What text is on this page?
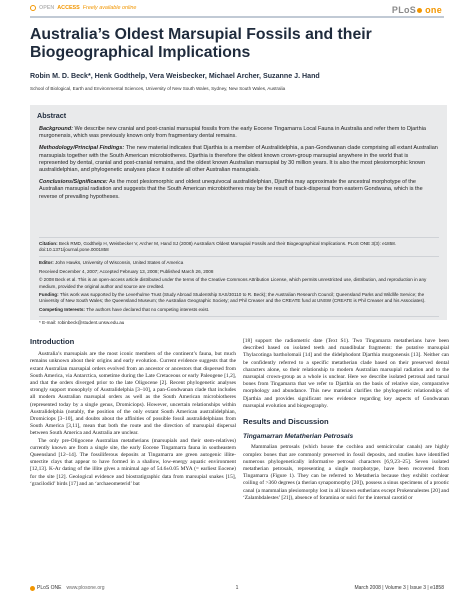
OPEN ACCESS Freely available online	PLoS one
Australia’s Oldest Marsupial Fossils and their Biogeographical Implications
Robin M. D. Beck*, Henk Godthelp, Vera Weisbecker, Michael Archer, Suzanne J. Hand
School of Biological, Earth and Environmental Sciences, University of New South Wales, Sydney, New South Wales, Australia
Abstract

Background: We describe new cranial and post-cranial marsupial fossils from the early Eocene Tingamarra Local Fauna in Australia and refer them to Djarthia murgonensis, which was previously known only from fragmentary dental remains.

Methodology/Principal Findings: The new material indicates that Djarthia is a member of Australidelphia, a pan-Gondwanan clade comprising all extant Australian marsupials together with the South American microbiotheres. Djarthia is therefore the oldest known crown-group marsupial anywhere in the world that is represented by dental, cranial and post-cranial remains, and the oldest known Australian marsupial by 30 million years. It is also the most plesiomorphic known australidelphian, and phylogenetic analyses place it outside all other Australian marsupials.

Conclusions/Significance: As the most plesiomorphic and oldest unequivocal australidelphian, Djarthia may approximate the ancestral morphotype of the Australian marsupial radiation and suggests that the South American microbiotheres may be the result of back-dispersal from eastern Gondwana, which is the reverse of prevailing hypotheses.

Citation: Beck RMD, Godthelp H, Weisbecker V, Archer M, Hand SJ (2008) Australia’s Oldest Marsupial Fossils and their Biogeographical Implications. PLoS ONE 3(3): e1858. doi:10.1371/journal.pone.0001858

Editor: John Hawks, University of Wisconsin, United States of America

Received December 4, 2007; Accepted February 13, 2008; Published March 26, 2008

© 2008 Beck et al. This is an open-access article distributed under the terms of the Creative Commons Attribution License, which permits unrestricted use, distribution, and reproduction in any medium, provided the original author and source are credited.

Funding: This work was supported by the Leverhulme Trust (Study Abroad Studentship SAS/30110 to R. Beck); the Australian Research Council; Queensland Parks and Wildlife Service; the University of New South Wales; the Queensland Museum; the Australian Geographic Society; and Phil Creaser and the CREATE fund at UNSW (CREATE is Phil Creaser and his Associates).

Competing Interests: The authors have declared that no competing interests exist.

* E-mail: robinbeck@student.unsw.edu.au

Introduction

Australia’s marsupials are the most iconic members of the continent’s fauna, but much remains unknown about their origins and early evolution. Current evidence suggests that the extant Australian marsupial orders evolved from an ancestor or ancestors that dispersed from South America, via Antarctica, sometime during the Late Cretaceous or early Paleogene [1,2], and that the orders diverged prior to the late Oligocene [2]. Recent phylogenetic analyses strongly support monophyly of Australidelphia [3–10], a pan-Gondwanan clade that includes all modern Australian marsupial orders as well as the South American microbiotheres (represented today by a single genus, Dromiciops). However, uncertain relationships within Australidelphia (notably, the position of the only extant South American australidelphian, Dromiciops [3–10], and doubts about the affinities of possible fossil australidelphians from South America [3,11], mean that both the route and the direction of marsupial dispersal between South America and Australia are unclear.

The only pre-Oligocene Australian metatherians (marsupials and their stem-relatives) currently known are from a single site, the early Eocene Tingamarra fauna in southeastern Queensland [12–14]. The fossiliferous deposits at Tingamarra are green autogenic illite-smectite clays that appear to have formed in a shallow, low-energy aquatic environment [12,13]. K-Ar dating of the illite gives a minimal age of 54.6±0.05 MYA (= earliest Eocene) for the site [12]. Geological evidence and biostratigraphic data from marsupial snakes [15], ‘gracilodid’ birds [17] and an ‘archaeometerid’ bat

[18] support the radiometric date (Text S1). Two Tingamarra metatherians have been described based on isolated teeth and mandibular fragments: the putative marsupial Thylacotinga bartholomaii [14] and the didelphodont Djarthia murgonensis [13]. Neither can be confidently referred to a specific metatherian clade based on their preserved dental characters alone, so their relationship to modern Australian marsupial radiation and to the marsupial crown-group as a whole is unclear. Here we describe isolated petrosal and tarsal bones from Tingamarra that we refer to Djarthia on the basis of relative size, comparative morphology and abundance. This new material clarifies the phylogenetic relationships of Djarthia and provides significant new evidence regarding key aspects of Gondwanan marsupial evolution and biogeography.

Results and Discussion
Tingamarran Metatherian Petrosals

Mammalian petrosals (which house the cochlea and semicircular canals) are highly complex bones that are commonly preserved in fossil deposits, and studies have identified numerous phylogenetically informative petrosal characters [6,9,23–25]. Seven isolated metatherian petrosals, representing a single morphotype, have been recovered from Tingamarra (Figure 1). They can be referred to Metatheria because they exhibit cochlear coiling of >360 degrees (a therian synapomorphy [20]), possess a sinus specimens of a prootic canal (a mammalian plesiomorphy lost in all known eutherians except Prokennalestes [20] and ‘Zalambdalestes’ [21]), absence of foramina or sulci for the internal carotid or

PLoS ONE www.plosone.org	1	March 2008 | Volume 3 | Issue 3 | e1858
